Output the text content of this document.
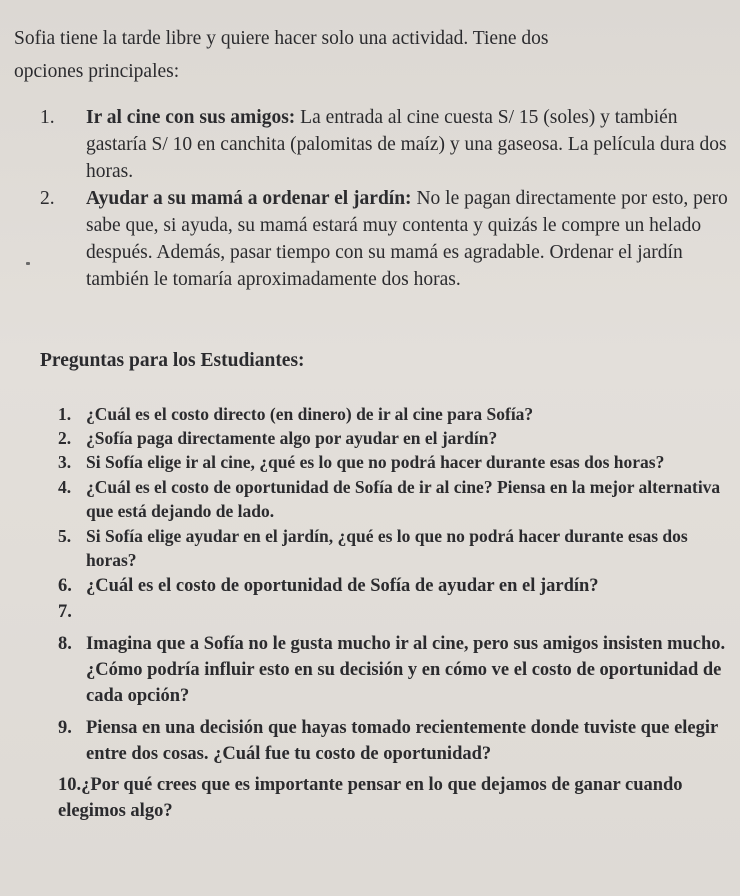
Sofia tiene la tarde libre y quiere hacer solo una actividad. Tiene dos
opciones principales:
1. Ir al cine con sus amigos: La entrada al cine cuesta S/ 15 (soles) y también gastaría S/ 10 en canchita (palomitas de maíz) y una gaseosa. La película dura dos horas.
2. Ayudar a su mamá a ordenar el jardín: No le pagan directamente por esto, pero sabe que, si ayuda, su mamá estará muy contenta y quizás le compre un helado después. Además, pasar tiempo con su mamá es agradable. Ordenar el jardín también le tomaría aproximadamente dos horas.
Preguntas para los Estudiantes:
1. ¿Cuál es el costo directo (en dinero) de ir al cine para Sofía?
2. ¿Sofía paga directamente algo por ayudar en el jardín?
3. Si Sofía elige ir al cine, ¿qué es lo que no podrá hacer durante esas dos horas?
4. ¿Cuál es el costo de oportunidad de Sofía de ir al cine? Piensa en la mejor alternativa que está dejando de lado.
5. Si Sofía elige ayudar en el jardín, ¿qué es lo que no podrá hacer durante esas dos horas?
6. ¿Cuál es el costo de oportunidad de Sofía de ayudar en el jardín?
7.

8. Imagina que a Sofía no le gusta mucho ir al cine, pero sus amigos insisten mucho. ¿Cómo podría influir esto en su decisión y en cómo ve el costo de oportunidad de cada opción?
9. Piensa en una decisión que hayas tomado recientemente donde tuviste que elegir entre dos cosas. ¿Cuál fue tu costo de oportunidad?
10.¿Por qué crees que es importante pensar en lo que dejamos de ganar cuando elegimos algo?
